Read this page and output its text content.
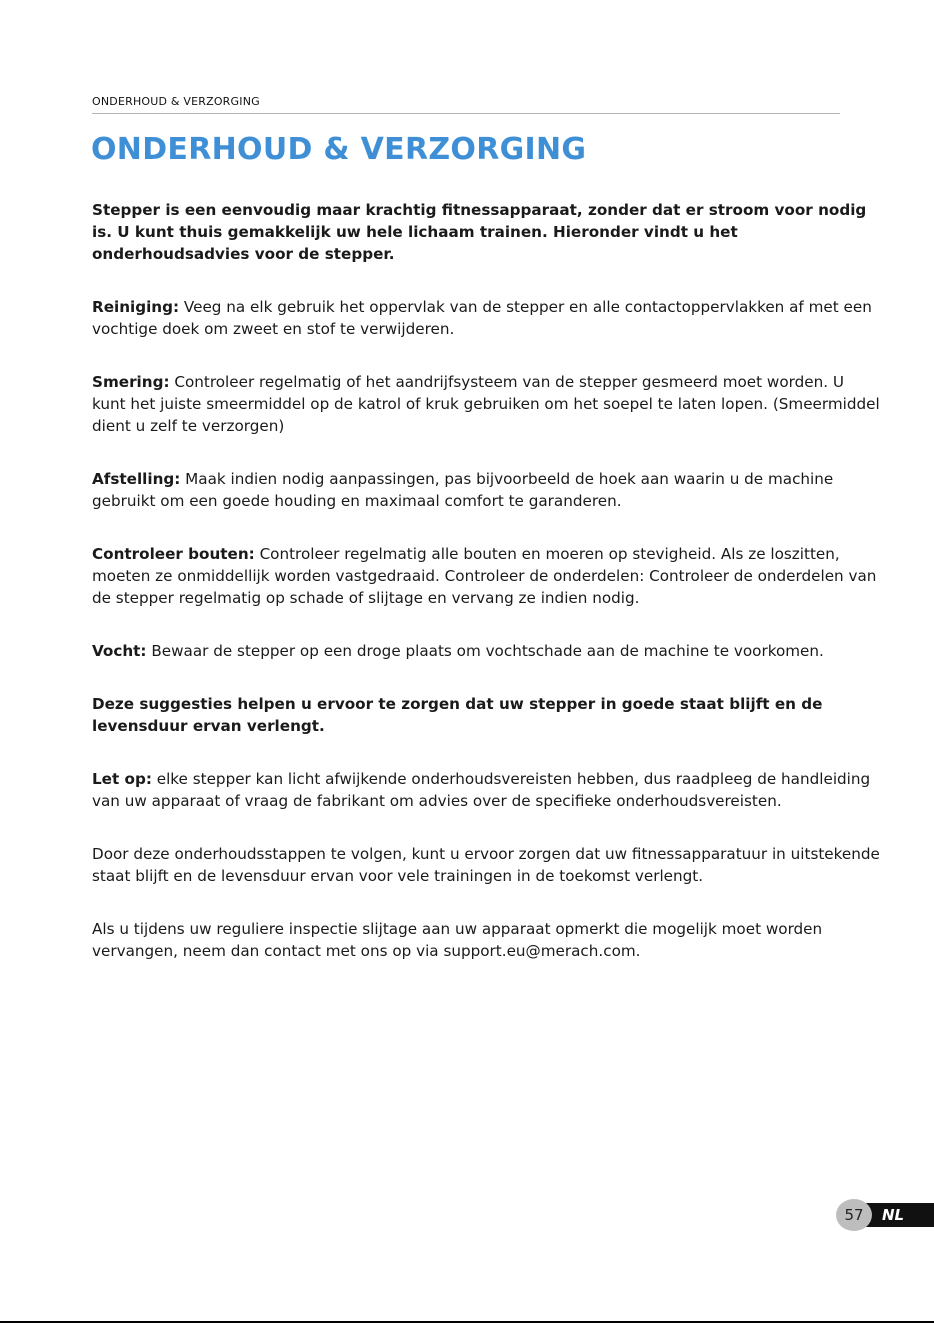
ONDERHOUD & VERZORGING
ONDERHOUD & VERZORGING

Stepper is een eenvoudig maar krachtig fitnessapparaat, zonder dat er stroom voor nodig is. U kunt thuis gemakkelijk uw hele lichaam trainen. Hieronder vindt u het onderhoudsadvies voor de stepper.

Reiniging: Veeg na elk gebruik het oppervlak van de stepper en alle contactoppervlakken af met een vochtige doek om zweet en stof te verwijderen.

Smering: Controleer regelmatig of het aandrijfsysteem van de stepper gesmeerd moet worden. U kunt het juiste smeermiddel op de katrol of kruk gebruiken om het soepel te laten lopen. (Smeermiddel dient u zelf te verzorgen)

Afstelling: Maak indien nodig aanpassingen, pas bijvoorbeeld de hoek aan waarin u de machine gebruikt om een goede houding en maximaal comfort te garanderen.

Controleer bouten: Controleer regelmatig alle bouten en moeren op stevigheid. Als ze loszitten, moeten ze onmiddellijk worden vastgedraaid. Controleer de onderdelen: Controleer de onderdelen van de stepper regelmatig op schade of slijtage en vervang ze indien nodig.

Vocht: Bewaar de stepper op een droge plaats om vochtschade aan de machine te voorkomen.

Deze suggesties helpen u ervoor te zorgen dat uw stepper in goede staat blijft en de levensduur ervan verlengt.

Let op: elke stepper kan licht afwijkende onderhoudsvereisten hebben, dus raadpleeg de handleiding van uw apparaat of vraag de fabrikant om advies over de specifieke onderhoudsvereisten.

Door deze onderhoudsstappen te volgen, kunt u ervoor zorgen dat uw fitnessapparatuur in uitstekende staat blijft en de levensduur ervan voor vele trainingen in de toekomst verlengt.

Als u tijdens uw reguliere inspectie slijtage aan uw apparaat opmerkt die mogelijk moet worden vervangen, neem dan contact met ons op via support.eu@merach.com.

57	NL
